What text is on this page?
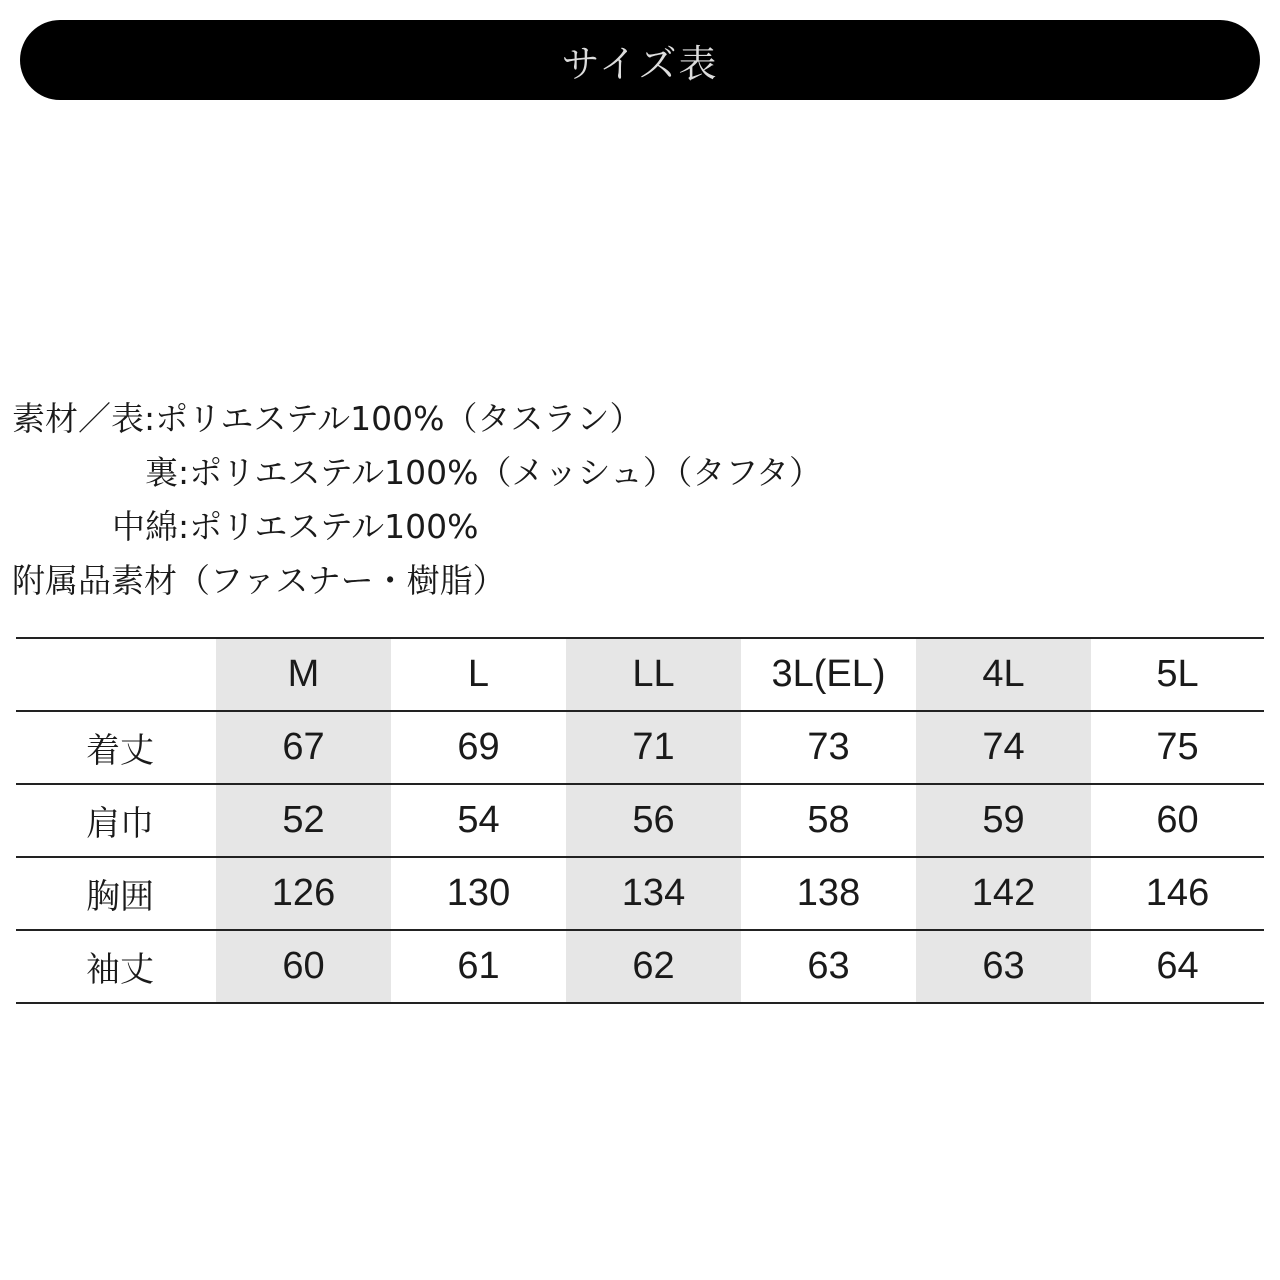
サイズ表
素材／表 : ポリエステル100%（タスラン）
裏 : ポリエステル100%（メッシュ）（タフタ）
中綿 : ポリエステル100%
附属品素材（ファスナー・樹脂）
	M	L	LL	3L(EL)	4L	5L
着丈	67	69	71	73	74	75
肩巾	52	54	56	58	59	60
胸囲	126	130	134	138	142	146
袖丈	60	61	62	63	63	64
